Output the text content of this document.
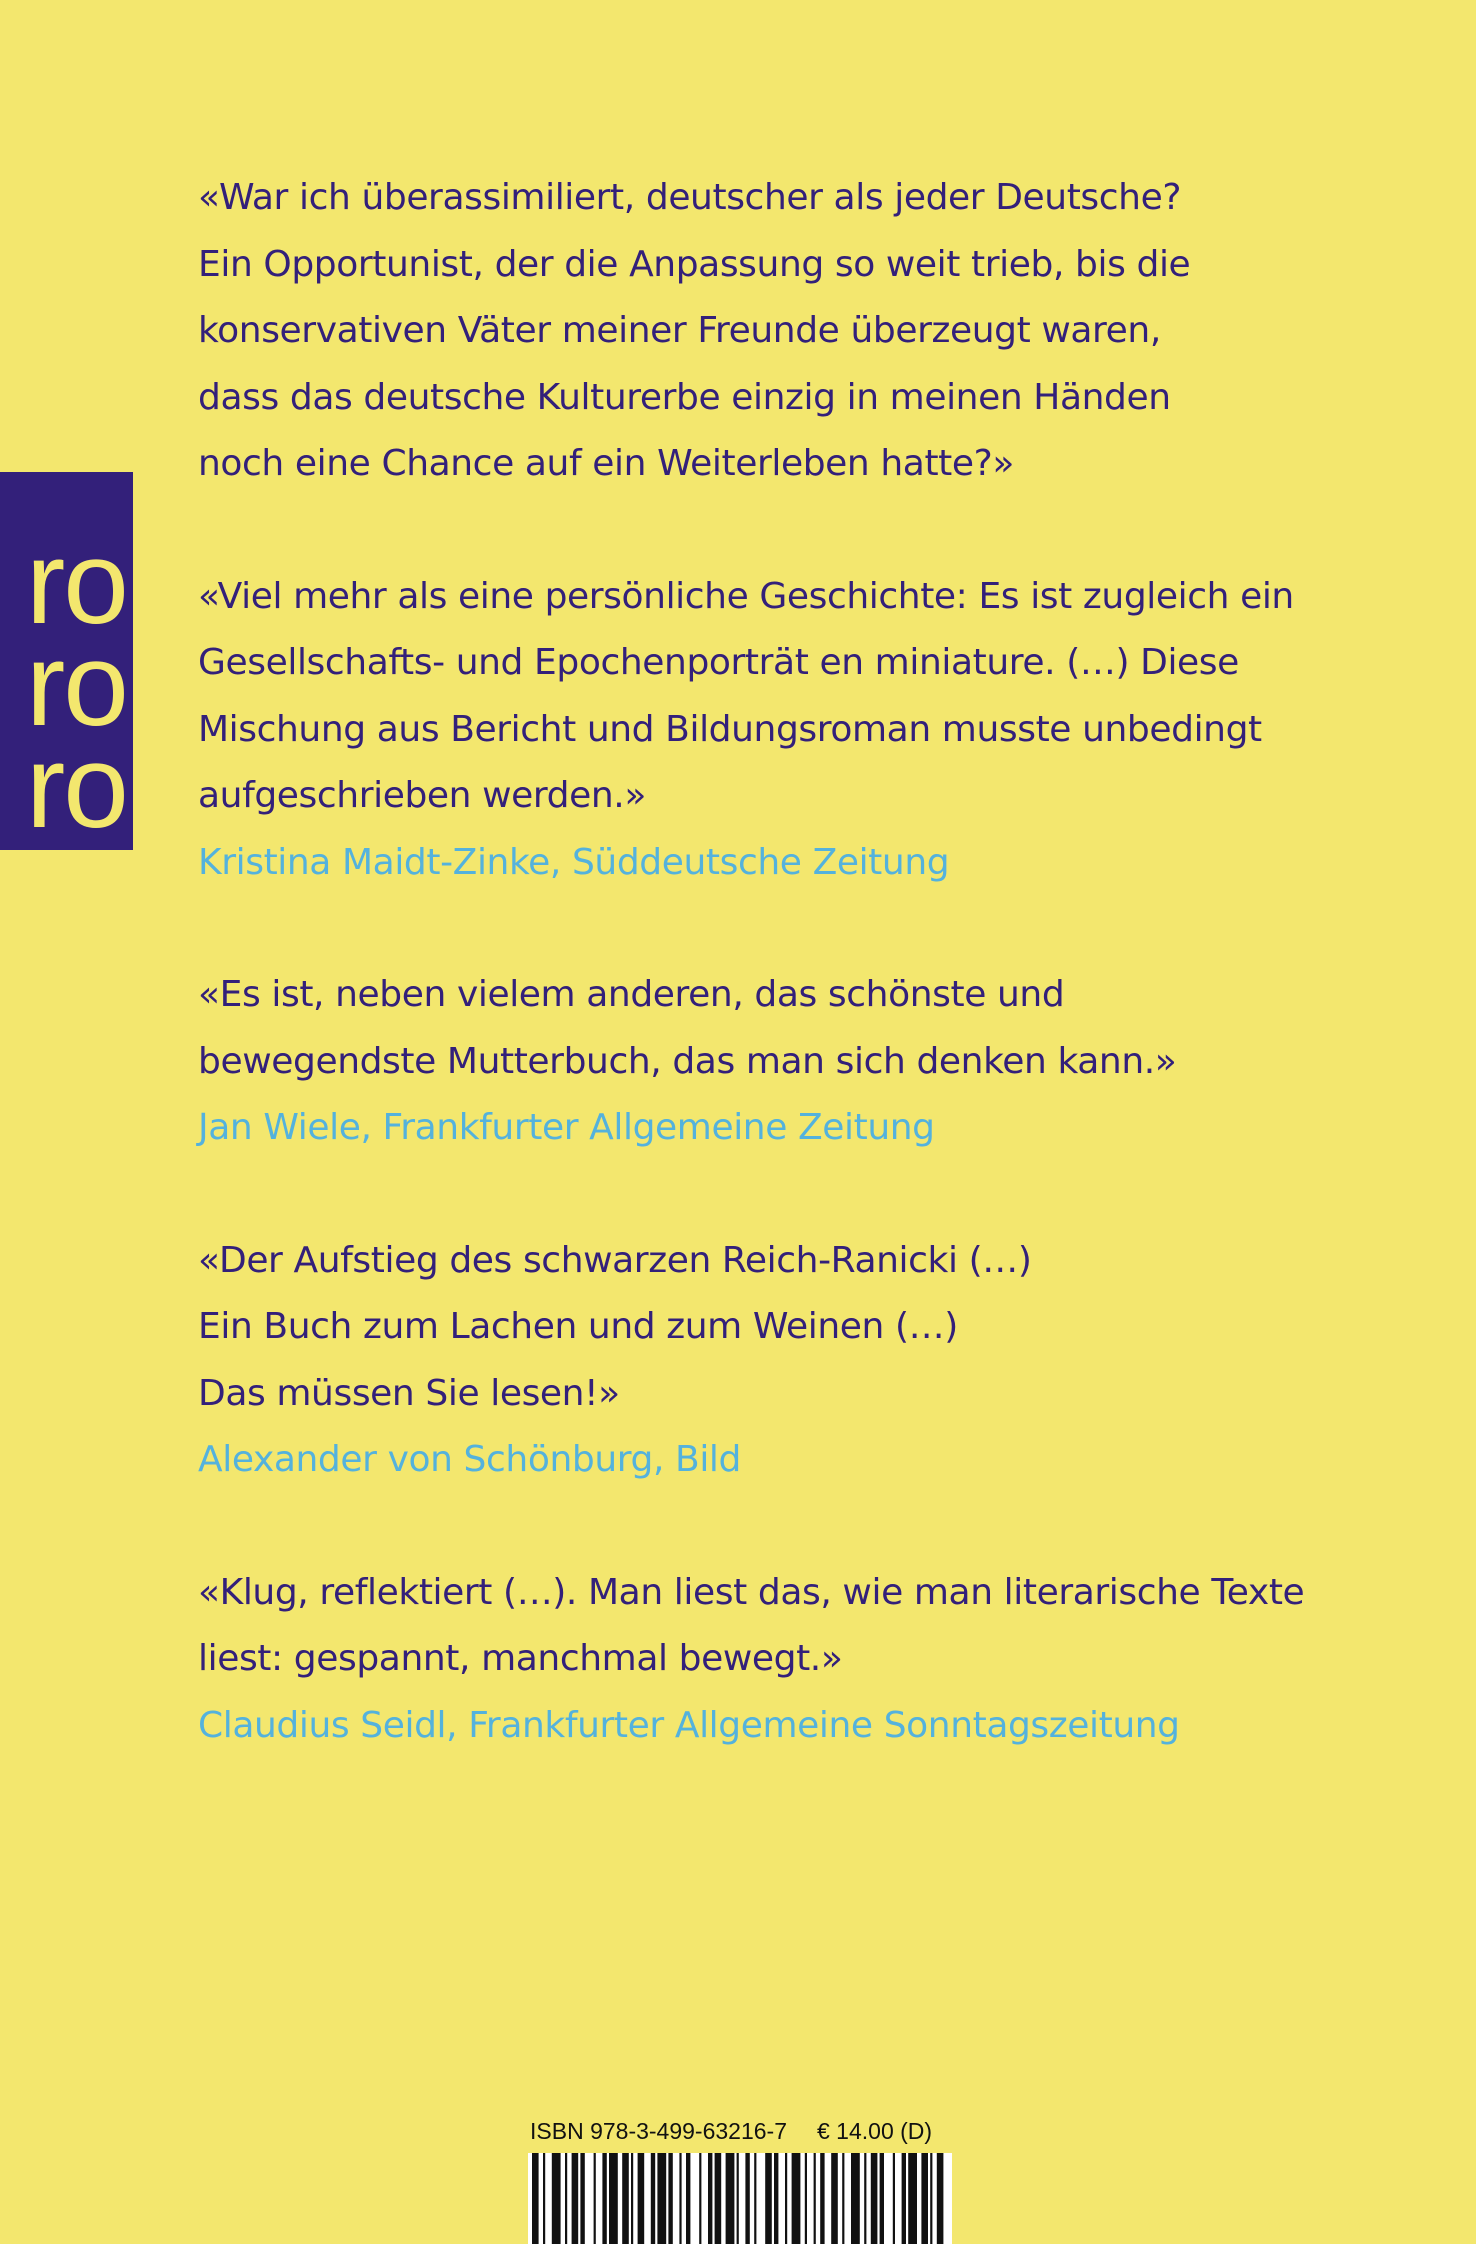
ro
ro
ro
«War ich überassimiliert, deutscher als jeder Deutsche?
Ein Opportunist, der die Anpassung so weit trieb, bis die
konservativen Väter meiner Freunde überzeugt waren,
dass das deutsche Kulturerbe einzig in meinen Händen
noch eine Chance auf ein Weiterleben hatte?»
«Viel mehr als eine persönliche Geschichte: Es ist zugleich ein
Gesellschafts- und Epochenporträt en miniature. (…) Diese
Mischung aus Bericht und Bildungsroman musste unbedingt
aufgeschrieben werden.»
Kristina Maidt-Zinke, Süddeutsche Zeitung
«Es ist, neben vielem anderen, das schönste und
bewegendste Mutterbuch, das man sich denken kann.»
Jan Wiele, Frankfurter Allgemeine Zeitung
«Der Aufstieg des schwarzen Reich-Ranicki (…)
Ein Buch zum Lachen und zum Weinen (…)
Das müssen Sie lesen!»
Alexander von Schönburg, Bild
«Klug, reflektiert (…). Man liest das, wie man literarische Texte
liest: gespannt, manchmal bewegt.»
Claudius Seidl, Frankfurter Allgemeine Sonntagszeitung
ISBN 978-3-499-63216-7 € 14.00 (D)
